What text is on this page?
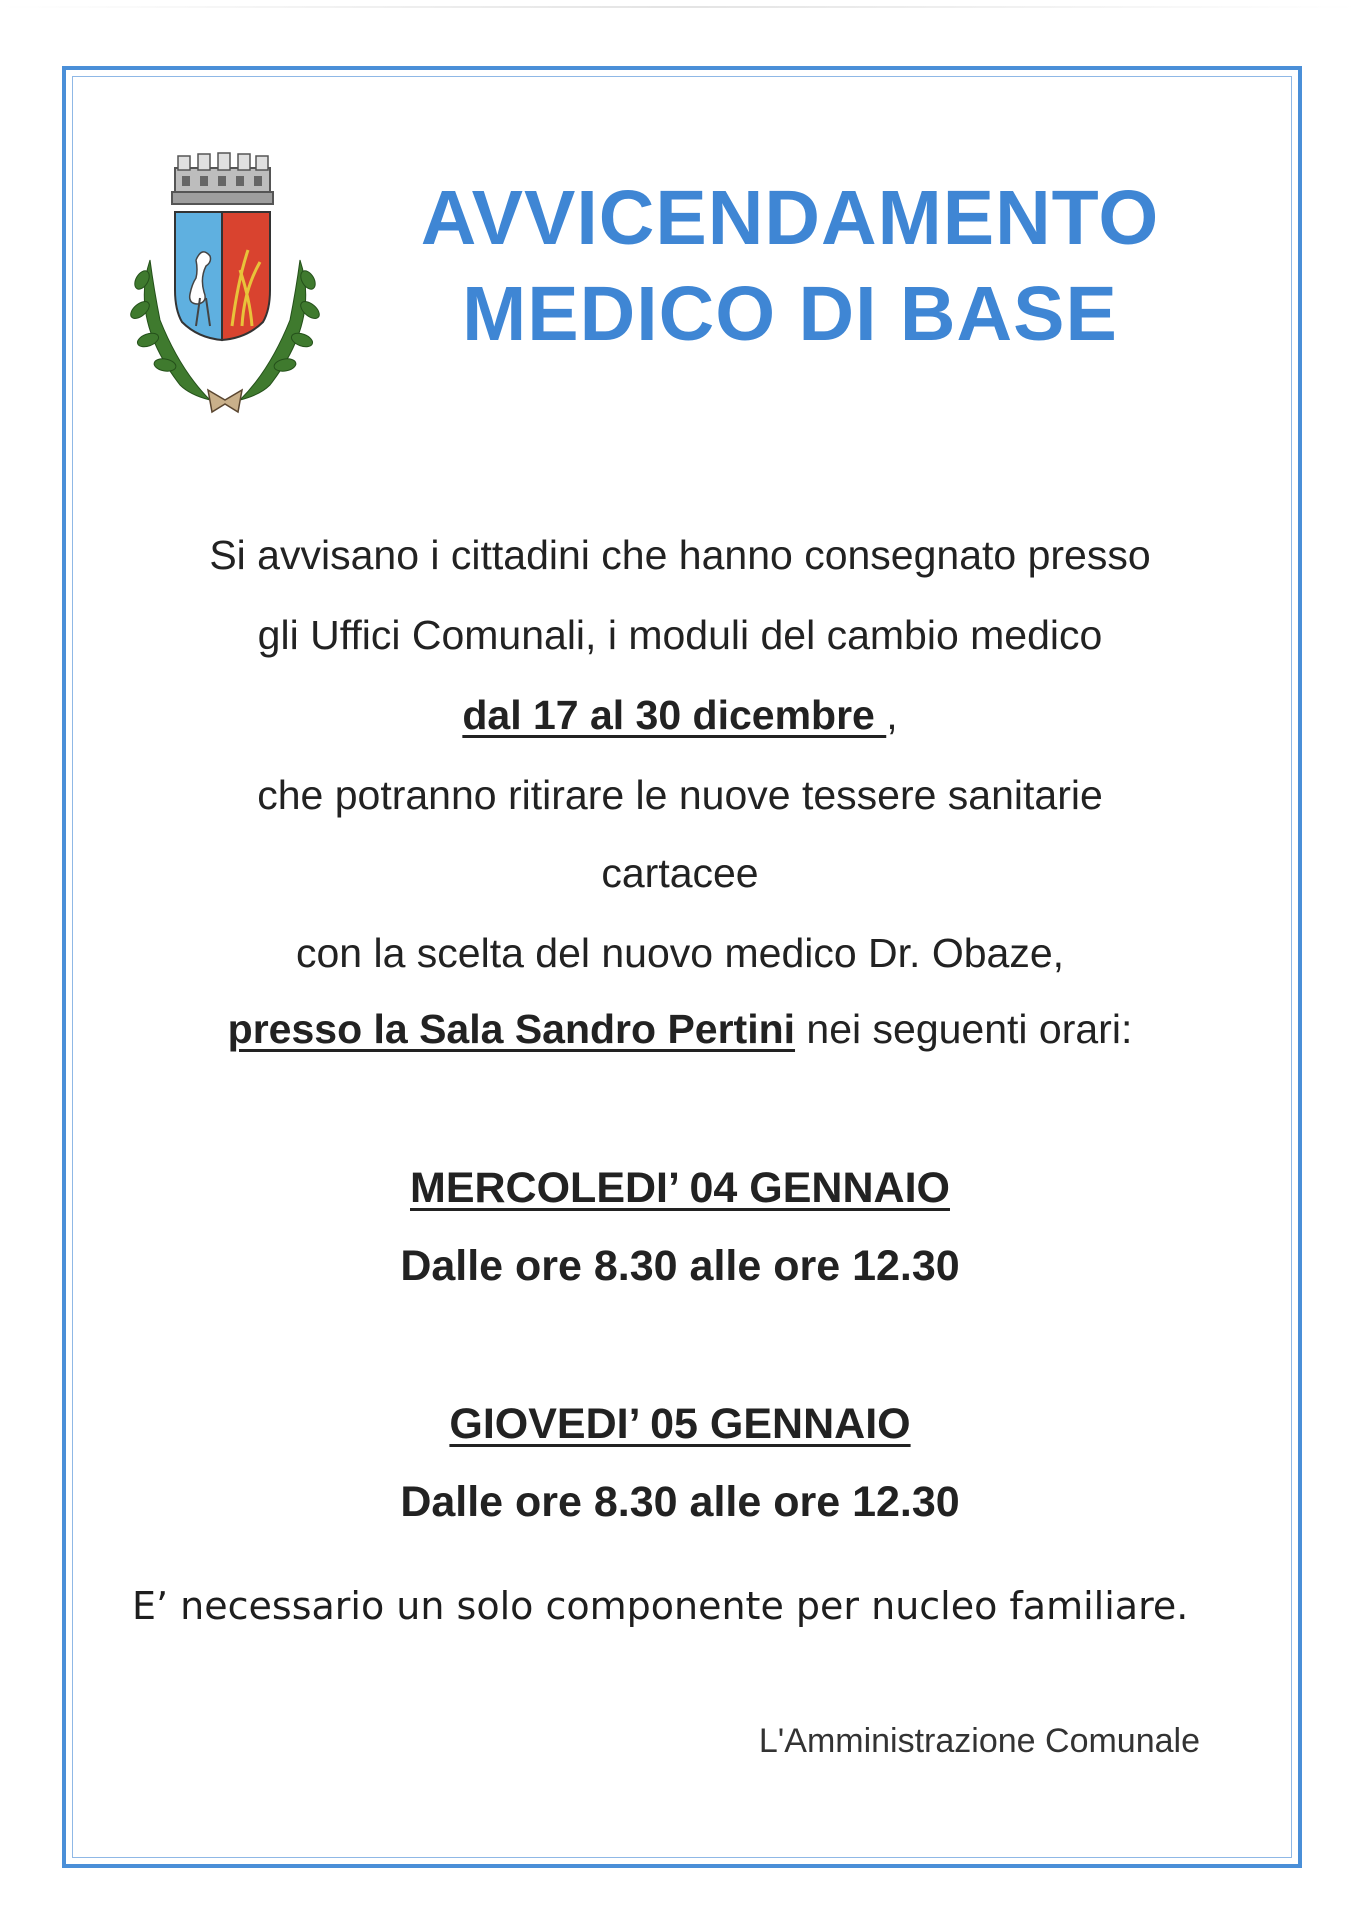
AVVICENDAMENTO
MEDICO DI BASE
Si avvisano i cittadini che hanno consegnato presso
gli Uffici Comunali, i moduli del cambio medico
dal 17 al 30 dicembre ,
che potranno ritirare le nuove tessere sanitarie
cartacee
con la scelta del nuovo medico Dr. Obaze,
presso la Sala Sandro Pertini nei seguenti orari:
MERCOLEDI’ 04 GENNAIO
Dalle ore 8.30 alle ore 12.30
GIOVEDI’ 05 GENNAIO
Dalle ore 8.30 alle ore 12.30
E’ necessario un solo componente per nucleo familiare.
L'Amministrazione Comunale
